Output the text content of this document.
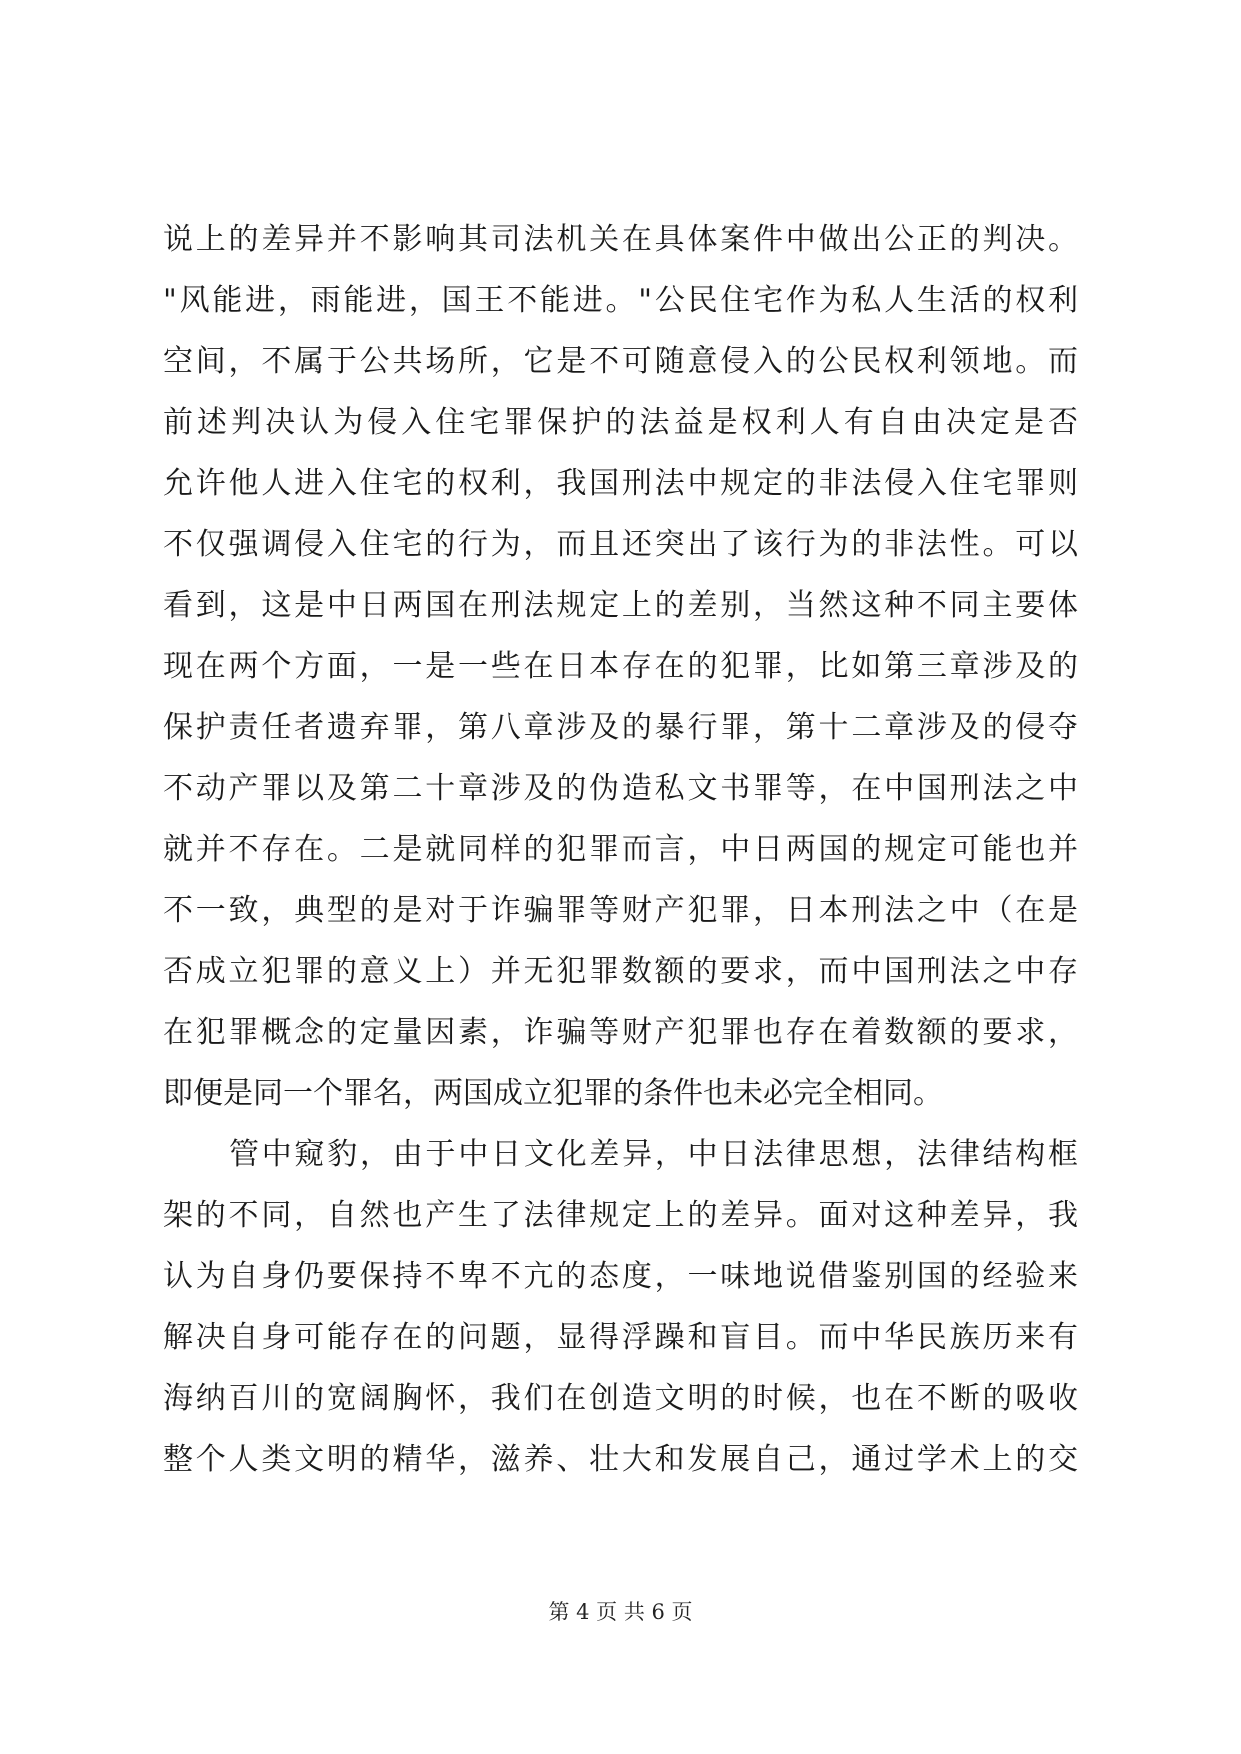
说上的差异并不影响其司法机关在具体案件中做出公正的判决。
"风能进，雨能进，国王不能进。"公民住宅作为私人生活的权利
空间，不属于公共场所，它是不可随意侵入的公民权利领地。而
前述判决认为侵入住宅罪保护的法益是权利人有自由决定是否
允许他人进入住宅的权利，我国刑法中规定的非法侵入住宅罪则
不仅强调侵入住宅的行为，而且还突出了该行为的非法性。可以
看到，这是中日两国在刑法规定上的差别，当然这种不同主要体
现在两个方面，一是一些在日本存在的犯罪，比如第三章涉及的
保护责任者遗弃罪，第八章涉及的暴行罪，第十二章涉及的侵夺
不动产罪以及第二十章涉及的伪造私文书罪等，在中国刑法之中
就并不存在。二是就同样的犯罪而言，中日两国的规定可能也并
不一致，典型的是对于诈骗罪等财产犯罪，日本刑法之中（在是
否成立犯罪的意义上）并无犯罪数额的要求，而中国刑法之中存
在犯罪概念的定量因素，诈骗等财产犯罪也存在着数额的要求，
即便是同一个罪名，两国成立犯罪的条件也未必完全相同。
管中窥豹，由于中日文化差异，中日法律思想，法律结构框
架的不同，自然也产生了法律规定上的差异。面对这种差异，我
认为自身仍要保持不卑不亢的态度，一味地说借鉴别国的经验来
解决自身可能存在的问题，显得浮躁和盲目。而中华民族历来有
海纳百川的宽阔胸怀，我们在创造文明的时候，也在不断的吸收
整个人类文明的精华，滋养、壮大和发展自己，通过学术上的交
第 4 页 共 6 页
